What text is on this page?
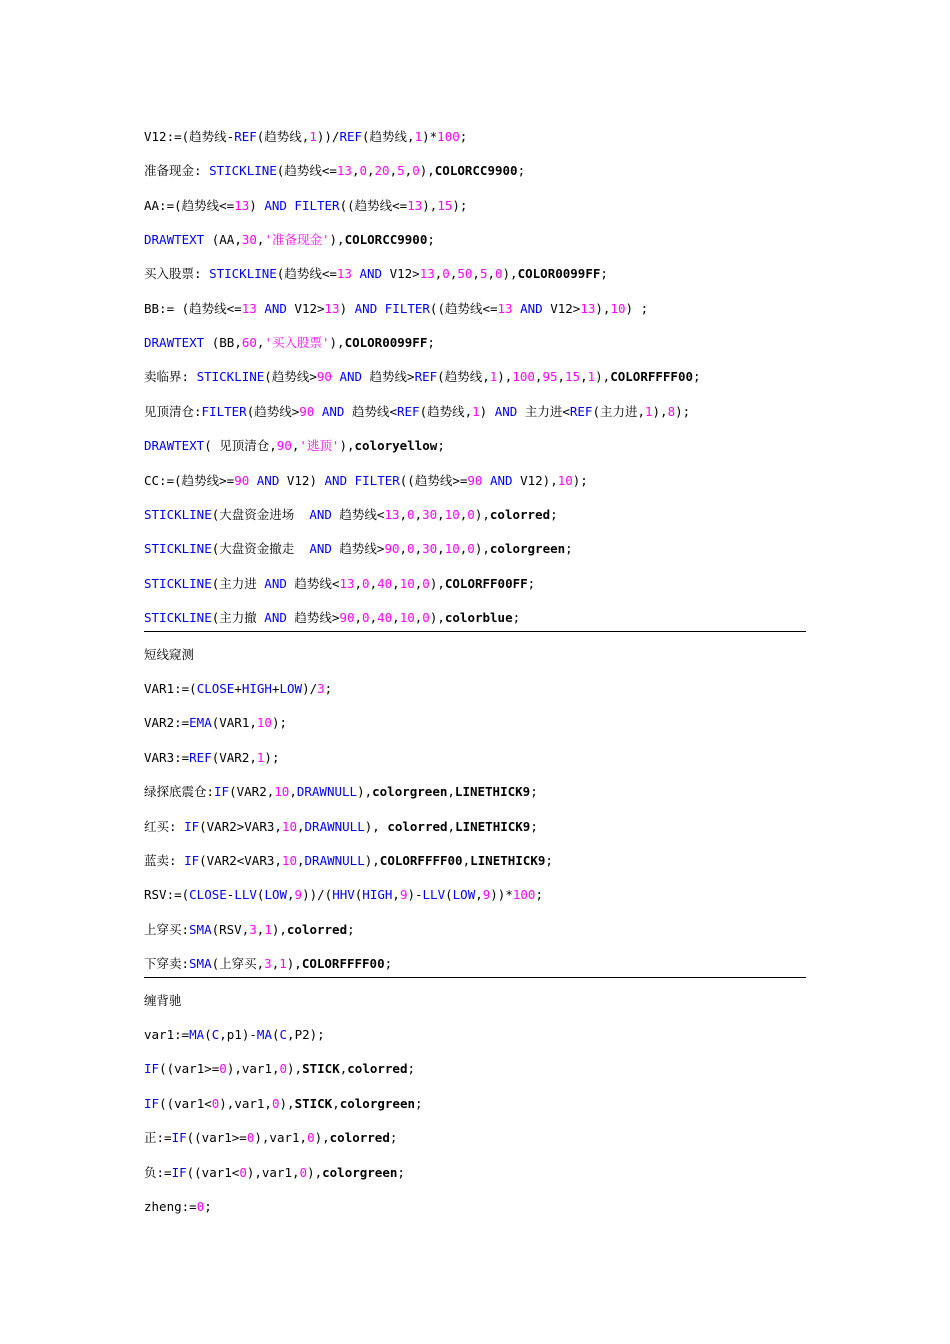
V12:=(趋势线-REF(趋势线,1))/REF(趋势线,1)*100;
准备现金: STICKLINE(趋势线<=13,0,20,5,0),COLORCC9900;
AA:=(趋势线<=13) AND FILTER((趋势线<=13),15);
DRAWTEXT (AA,30,'准备现金'),COLORCC9900;
买入股票: STICKLINE(趋势线<=13 AND V12>13,0,50,5,0),COLOR0099FF;
BB:= (趋势线<=13 AND V12>13) AND FILTER((趋势线<=13 AND V12>13),10) ;
DRAWTEXT (BB,60,'买入股票'),COLOR0099FF;
卖临界: STICKLINE(趋势线>90 AND 趋势线>REF(趋势线,1),100,95,15,1),COLORFFFF00;
见顶清仓:FILTER(趋势线>90 AND 趋势线<REF(趋势线,1) AND 主力进<REF(主力进,1),8);
DRAWTEXT( 见顶清仓,90,'逃顶'),coloryellow;
CC:=(趋势线>=90 AND V12) AND FILTER((趋势线>=90 AND V12),10);
STICKLINE(大盘资金进场  AND 趋势线<13,0,30,10,0),colorred;
STICKLINE(大盘资金撤走  AND 趋势线>90,0,30,10,0),colorgreen;
STICKLINE(主力进 AND 趋势线<13,0,40,10,0),COLORFF00FF;
STICKLINE(主力撤 AND 趋势线>90,0,40,10,0),colorblue;
短线窥测
VAR1:=(CLOSE+HIGH+LOW)/3;
VAR2:=EMA(VAR1,10);
VAR3:=REF(VAR2,1);
绿探底震仓:IF(VAR2,10,DRAWNULL),colorgreen,LINETHICK9;
红买: IF(VAR2>VAR3,10,DRAWNULL), colorred,LINETHICK9;
蓝卖: IF(VAR2<VAR3,10,DRAWNULL),COLORFFFF00,LINETHICK9;
RSV:=(CLOSE-LLV(LOW,9))/(HHV(HIGH,9)-LLV(LOW,9))*100;
上穿买:SMA(RSV,3,1),colorred;
下穿卖:SMA(上穿买,3,1),COLORFFFF00;
缠背驰
var1:=MA(C,p1)-MA(C,P2);
IF((var1>=0),var1,0),STICK,colorred;
IF((var1<0),var1,0),STICK,colorgreen;
正:=IF((var1>=0),var1,0),colorred;
负:=IF((var1<0),var1,0),colorgreen;
zheng:=0;
